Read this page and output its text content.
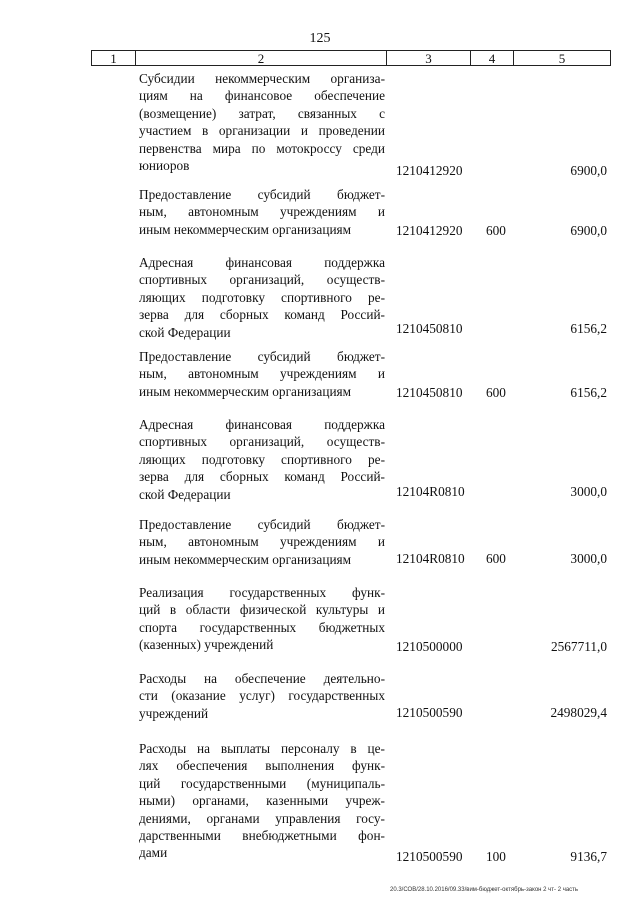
125
1	2	3	4	5
Субсидии некоммерческим организа-
циям на финансовое обеспечение
(возмещение) затрат, связанных с
участием в организации и проведении
первенства мира по мотокроссу среди
юниоров	1210412920	6900,0
Предоставление субсидий бюджет-
ным, автономным учреждениям и
иным некоммерческим организациям	1210412920 600	6900,0
Адресная финансовая поддержка
спортивных организаций, осуществ-
ляющих подготовку спортивного ре-
зерва для сборных команд Россий-
ской Федерации	1210450810	6156,2
Предоставление субсидий бюджет-
ным, автономным учреждениям и
иным некоммерческим организациям	1210450810 600	6156,2
Адресная финансовая поддержка
спортивных организаций, осуществ-
ляющих подготовку спортивного ре-
зерва для сборных команд Россий-
ской Федерации	12104R0810	3000,0
Предоставление субсидий бюджет-
ным, автономным учреждениям и
иным некоммерческим организациям	12104R0810 600	3000,0
Реализация государственных функ-
ций в области физической культуры и
спорта государственных бюджетных
(казенных) учреждений	1210500000	2567711,0
Расходы на обеспечение деятельно-
сти (оказание услуг) государственных
учреждений	1210500590	2498029,4
Расходы на выплаты персоналу в це-
лях обеспечения выполнения функ-
ций государственными (муниципаль-
ными) органами, казенными учреж-
дениями, органами управления госу-
дарственными внебюджетными фон-
дами	1210500590 100	9136,7
20.3/СОВ/28.10.2016/09.33/вим-бюджет-октябрь-закон 2 чт- 2 часть
